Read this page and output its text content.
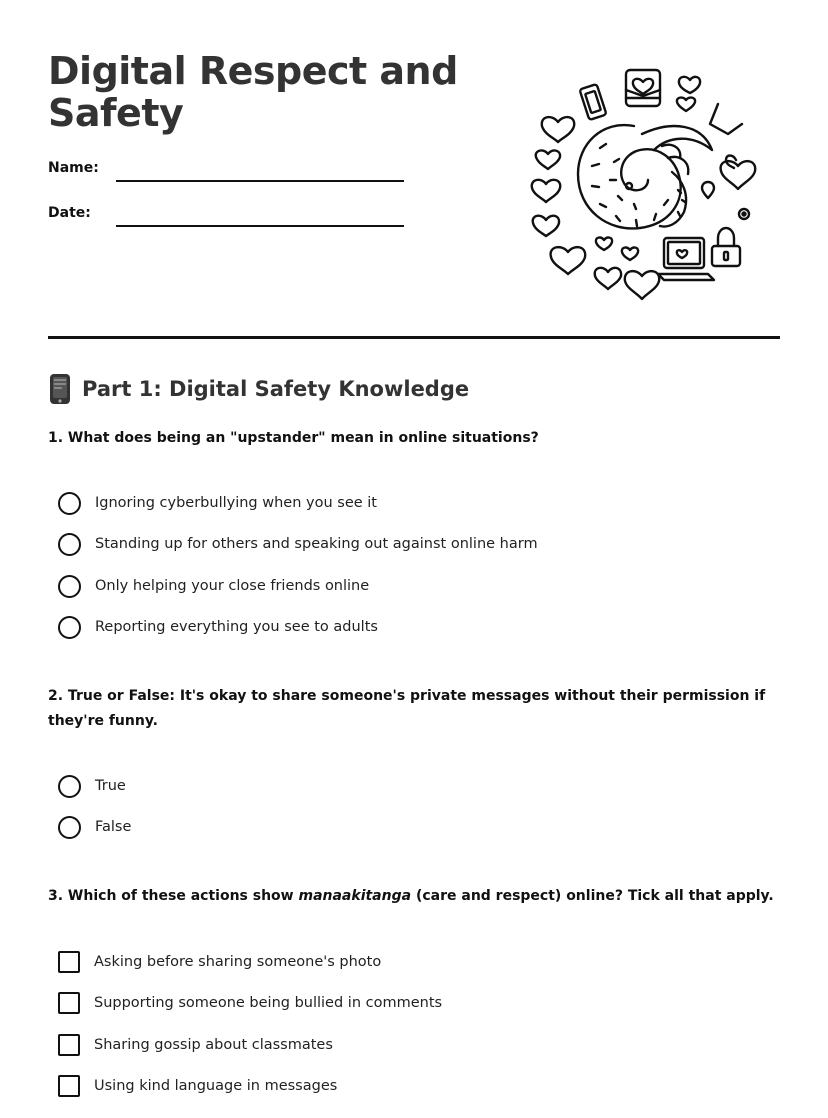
Digital Respect and Safety
Name:
Date:
Part 1: Digital Safety Knowledge

1. What does being an "upstander" mean in online situations?

Ignoring cyberbullying when you see it
Standing up for others and speaking out against online harm
Only helping your close friends online
Reporting everything you see to adults

2. True or False: It's okay to share someone's private messages without their permission if they're funny.

True
False

3. Which of these actions show manaakitanga (care and respect) online? Tick all that apply.

Asking before sharing someone's photo
Supporting someone being bullied in comments
Sharing gossip about classmates
Using kind language in messages
